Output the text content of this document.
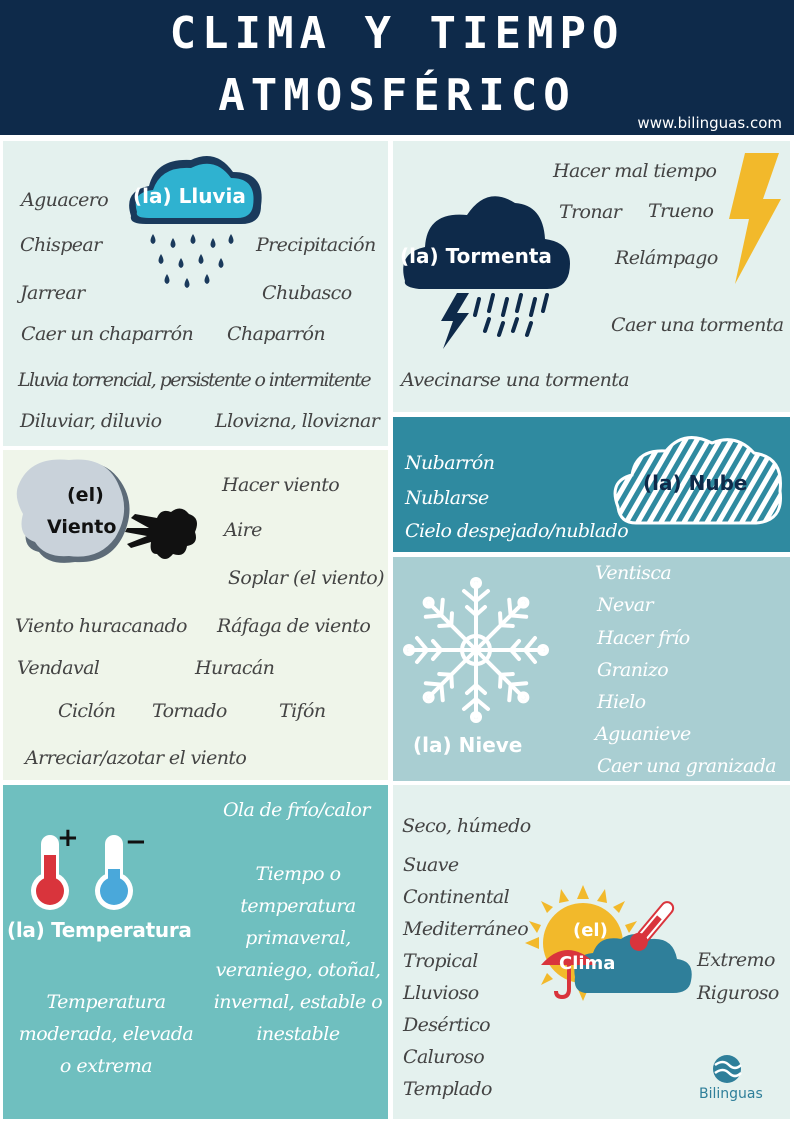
CLIMA Y TIEMPO
ATMOSFÉRICO
www.bilinguas.com
(la) Lluvia
Aguacero
Chispear	Precipitación
Jarrear	Chubasco
Caer un chaparrón Chaparrón
Lluvia torrencial, persistente o intermitente
Diluviar, diluvio	Llovizna, lloviznar
(la) Tormenta
Hacer mal tiempo
Tronar Trueno
Relámpago
Caer una tormenta
Avecinarse una tormenta
(la) Nube
Nubarrón
Nublarse
Cielo despejado/nublado
(el)
Viento
Hacer viento
Aire
Soplar (el viento)
Viento huracanado Ráfaga de viento
Vendaval	Huracán
Ciclón Tornado	Tifón
Arreciar/azotar el viento
(la) Nieve
Ventisca
Nevar
Hacer frío
Granizo
Hielo
Aguanieve
Caer una granizada
+ −
(la) Temperatura
Ola de frío/calor
Tiempo o temperatura primaveral, veraniego, otoñal, invernal, estable o inestable
Temperatura moderada, elevada o extrema
(el)
Clima
Seco, húmedo
Suave
Continental
Mediterráneo
Tropical
Lluvioso
Desértico
Caluroso
Templado
Extremo
Riguroso
Bilinguas
